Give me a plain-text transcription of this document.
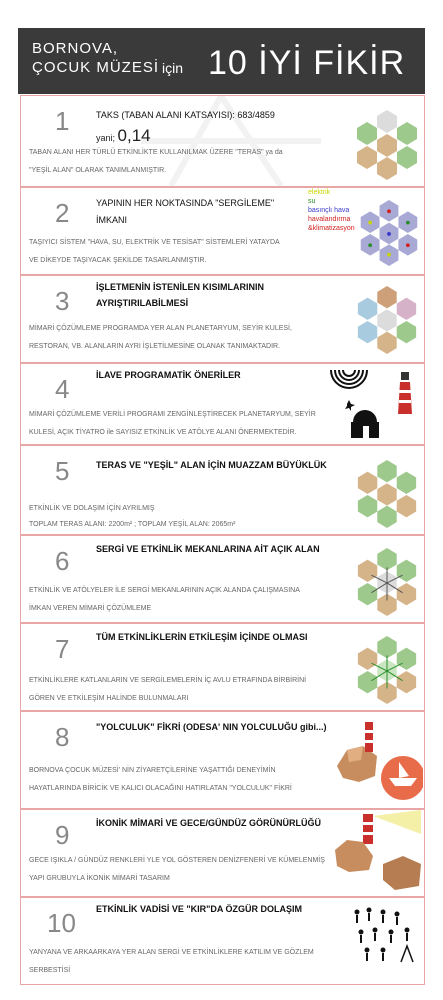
BORNOVA,
ÇOCUK MÜZESİ için 10 İYİ FİKİR
1	TAKS (TABAN ALANI KATSAYISI): 683/4859
yani; 0,14
TABAN ALANI HER TÜRLÜ ETKİNLİKTE KULLANILMAK ÜZERE "TERAS" ya da
"YEŞİL ALAN" OLARAK TANIMLANMIŞTIR.
2	YAPININ HER NOKTASINDA "SERGİLEME"
İMKANI
elektrik
su
basınçlı hava
havalandırma
&klimatizasyon
TAŞIYICI SİSTEM "HAVA, SU, ELEKTRİK VE TESİSAT" SİSTEMLERİ YATAYDA
VE DİKEYDE TAŞIYACAK ŞEKİLDE TASARLANMIŞTIR.
3	İŞLETMENİN İSTENİLEN KISIMLARININ
AYRIŞTIRILABİLMESİ
MİMARİ ÇÖZÜMLEME PROGRAMDA YER ALAN PLANETARYUM, SEYİR KULESİ,
RESTORAN, VB. ALANLARIN AYRI İŞLETİLMESİNE OLANAK TANIMAKTADIR.
4	İLAVE PROGRAMATİK ÖNERİLER
MİMARİ ÇÖZÜMLEME VERİLİ PROGRAMI ZENGİNLEŞTİRECEK PLANETARYUM, SEYİR
KULESİ, AÇIK TİYATRO ile SAYISIZ ETKİNLİK VE ATÖLYE ALANI ÖNERMEKTEDİR.
5	TERAS VE "YEŞİL" ALAN İÇİN MUAZZAM BÜYÜKLÜK
ETKİNLİK VE DOLAŞIM İÇİN AYRILMIŞ
TOPLAM TERAS ALANI: 2200m² ; TOPLAM YEŞİL ALAN: 2065m²
6	SERGİ VE ETKİNLİK MEKANLARINA AİT AÇIK ALAN
ETKİNLİK VE ATÖLYELER İLE SERGİ MEKANLARININ AÇIK ALANDA ÇALIŞMASINA
İMKAN VEREN MİMARİ ÇÖZÜMLEME
7	TÜM ETKİNLİKLERİN ETKİLEŞİM İÇİNDE OLMASI
ETKİNLİKLERE KATLANLARIN VE SERGİLEMELERİN İÇ AVLU ETRAFINDA BİRBİRİNİ
GÖREN VE ETKİLEŞİM HALİNDE BULUNMALARI
8	"YOLCULUK" FİKRİ (ODESA' NIN YOLCULUĞU gibi...)
BORNOVA ÇOCUK MÜZESİ' NİN ZİYARETÇİLERİNE YAŞATTIĞI DENEYİMİN
HAYATLARINDA BİRİCİK VE KALICI OLACAĞINI HATIRLATAN "YOLCULUK" FİKRİ
9	İKONİK MİMARİ VE GECE/GÜNDÜZ GÖRÜNÜRLÜĞÜ
GECE IŞIKLA / GÜNDÜZ RENKLERİ YLE YOL GÖSTEREN DENİZFENERİ VE KÜMELENMİŞ
YAPI GRUBUYLA İKONİK MİMARİ TASARIM
10 ETKİNLİK VADİSİ VE "KIR"DA ÖZGÜR DOLAŞIM
YANYANA VE ARKAARKAYA YER ALAN SERGİ VE ETKİNLİKLERE KATILIM VE GÖZLEM
SERBESTİSİ
